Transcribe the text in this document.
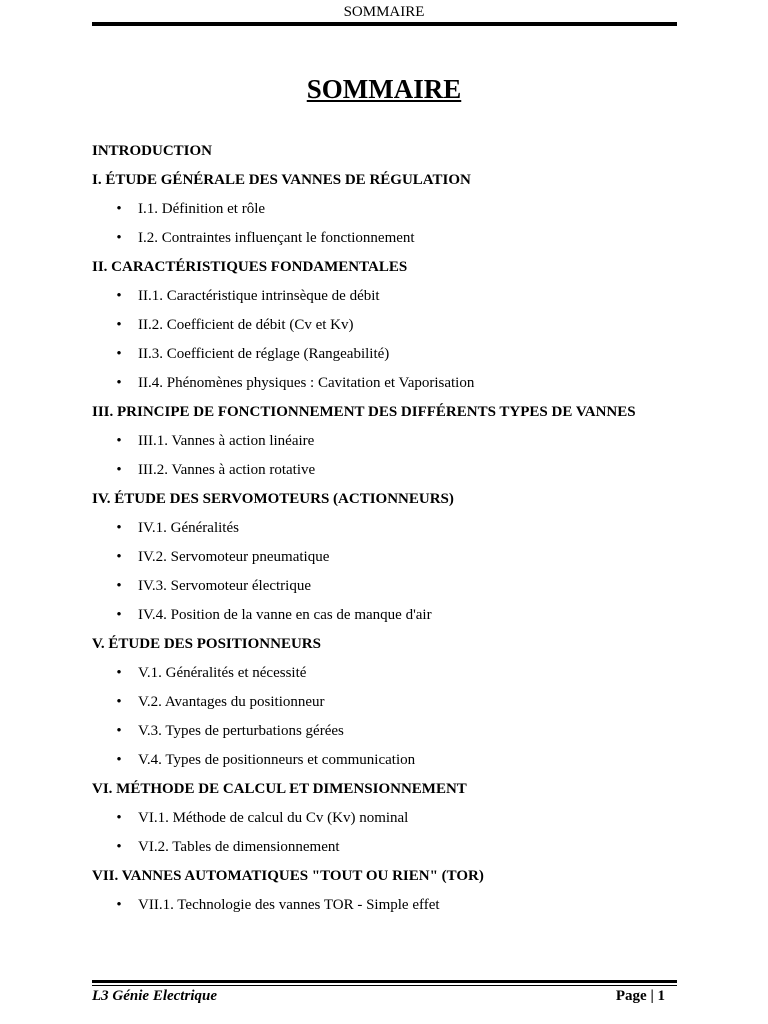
SOMMAIRE
SOMMAIRE
INTRODUCTION
I. ÉTUDE GÉNÉRALE DES VANNES DE RÉGULATION
• I.1. Définition et rôle
• I.2. Contraintes influençant le fonctionnement
II. CARACTÉRISTIQUES FONDAMENTALES
• II.1. Caractéristique intrinsèque de débit
• II.2. Coefficient de débit (Cv et Kv)
• II.3. Coefficient de réglage (Rangeabilité)
• II.4. Phénomènes physiques : Cavitation et Vaporisation
III. PRINCIPE DE FONCTIONNEMENT DES DIFFÉRENTS TYPES DE VANNES
• III.1. Vannes à action linéaire
• III.2. Vannes à action rotative
IV. ÉTUDE DES SERVOMOTEURS (ACTIONNEURS)
• IV.1. Généralités
• IV.2. Servomoteur pneumatique
• IV.3. Servomoteur électrique
• IV.4. Position de la vanne en cas de manque d'air
V. ÉTUDE DES POSITIONNEURS
• V.1. Généralités et nécessité
• V.2. Avantages du positionneur
• V.3. Types de perturbations gérées
• V.4. Types de positionneurs et communication
VI. MÉTHODE DE CALCUL ET DIMENSIONNEMENT
• VI.1. Méthode de calcul du Cv (Kv) nominal
• VI.2. Tables de dimensionnement
VII. VANNES AUTOMATIQUES "TOUT OU RIEN" (TOR)
• VII.1. Technologie des vannes TOR - Simple effet
L3 Génie Electrique	Page | 1
